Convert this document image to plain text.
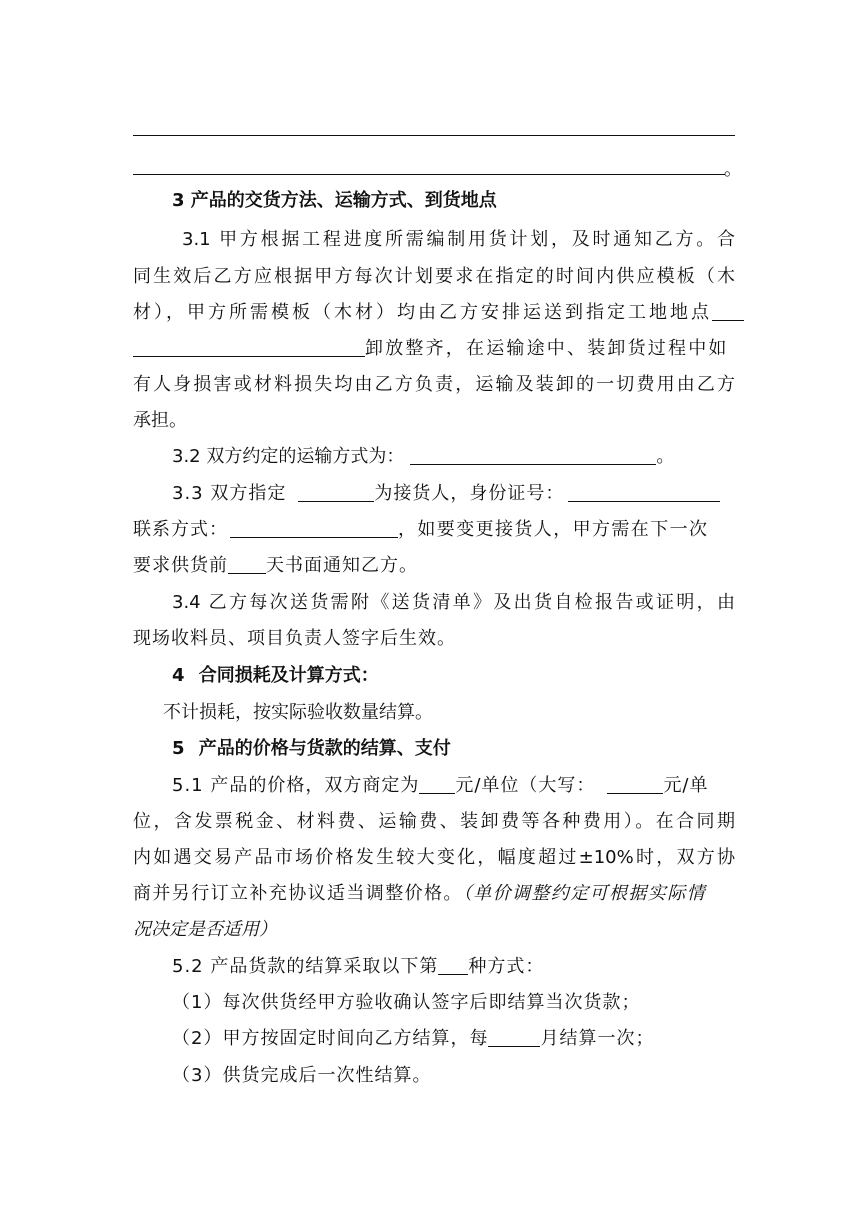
。
3 产品的交货方法、运输方式、到货地点
3.1 甲方根据工程进度所需编制用货计划，及时通知乙方。合
同生效后乙方应根据甲方每次计划要求在指定的时间内供应模板（木
材），甲方所需模板（木材）均由乙方安排运送到指定工地地点
卸放整齐，在运输途中、装卸货过程中如
有人身损害或材料损失均由乙方负责，运输及装卸的一切费用由乙方
承担。
3.2 双方约定的运输方式为：	。
3.3 双方指定	为接货人，身份证号：
联系方式：	，如要变更接货人，甲方需在下一次
要求供货前 天书面通知乙方。
3.4 乙方每次送货需附《送货清单》及出货自检报告或证明，由
现场收料员、项目负责人签字后生效。
4 合同损耗及计算方式：
不计损耗，按实际验收数量结算。
5 产品的价格与货款的结算、支付
5.1 产品的价格，双方商定为 元/单位（大写：	元/单
位，含发票税金、材料费、运输费、装卸费等各种费用）。在合同期
内如遇交易产品市场价格发生较大变化，幅度超过±10%时，双方协
商并另行订立补充协议适当调整价格。（单价调整约定可根据实际情
况决定是否适用）
5.2 产品货款的结算采取以下第 种方式：
（1）每次供货经甲方验收确认签字后即结算当次货款；
（2）甲方按固定时间向乙方结算，每	月结算一次；
（3）供货完成后一次性结算。
